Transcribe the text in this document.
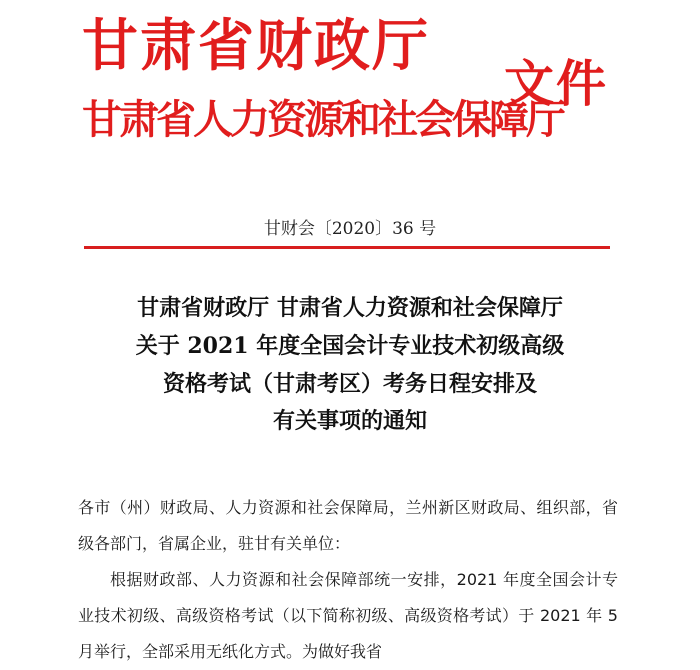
甘肃省财政厅
甘肃省人力资源和社会保障厅
文件
甘财会〔2020〕36 号
甘肃省财政厅 甘肃省人力资源和社会保障厅
关于 2021 年度全国会计专业技术初级高级
资格考试（甘肃考区）考务日程安排及
有关事项的通知

各市（州）财政局、人力资源和社会保障局，兰州新区财政局、组织部，省级各部门，省属企业，驻甘有关单位：

根据财政部、人力资源和社会保障部统一安排，2021 年度全国会计专业技术初级、高级资格考试（以下简称初级、高级资格考试）于 2021 年 5 月举行，全部采用无纸化方式。为做好我省
